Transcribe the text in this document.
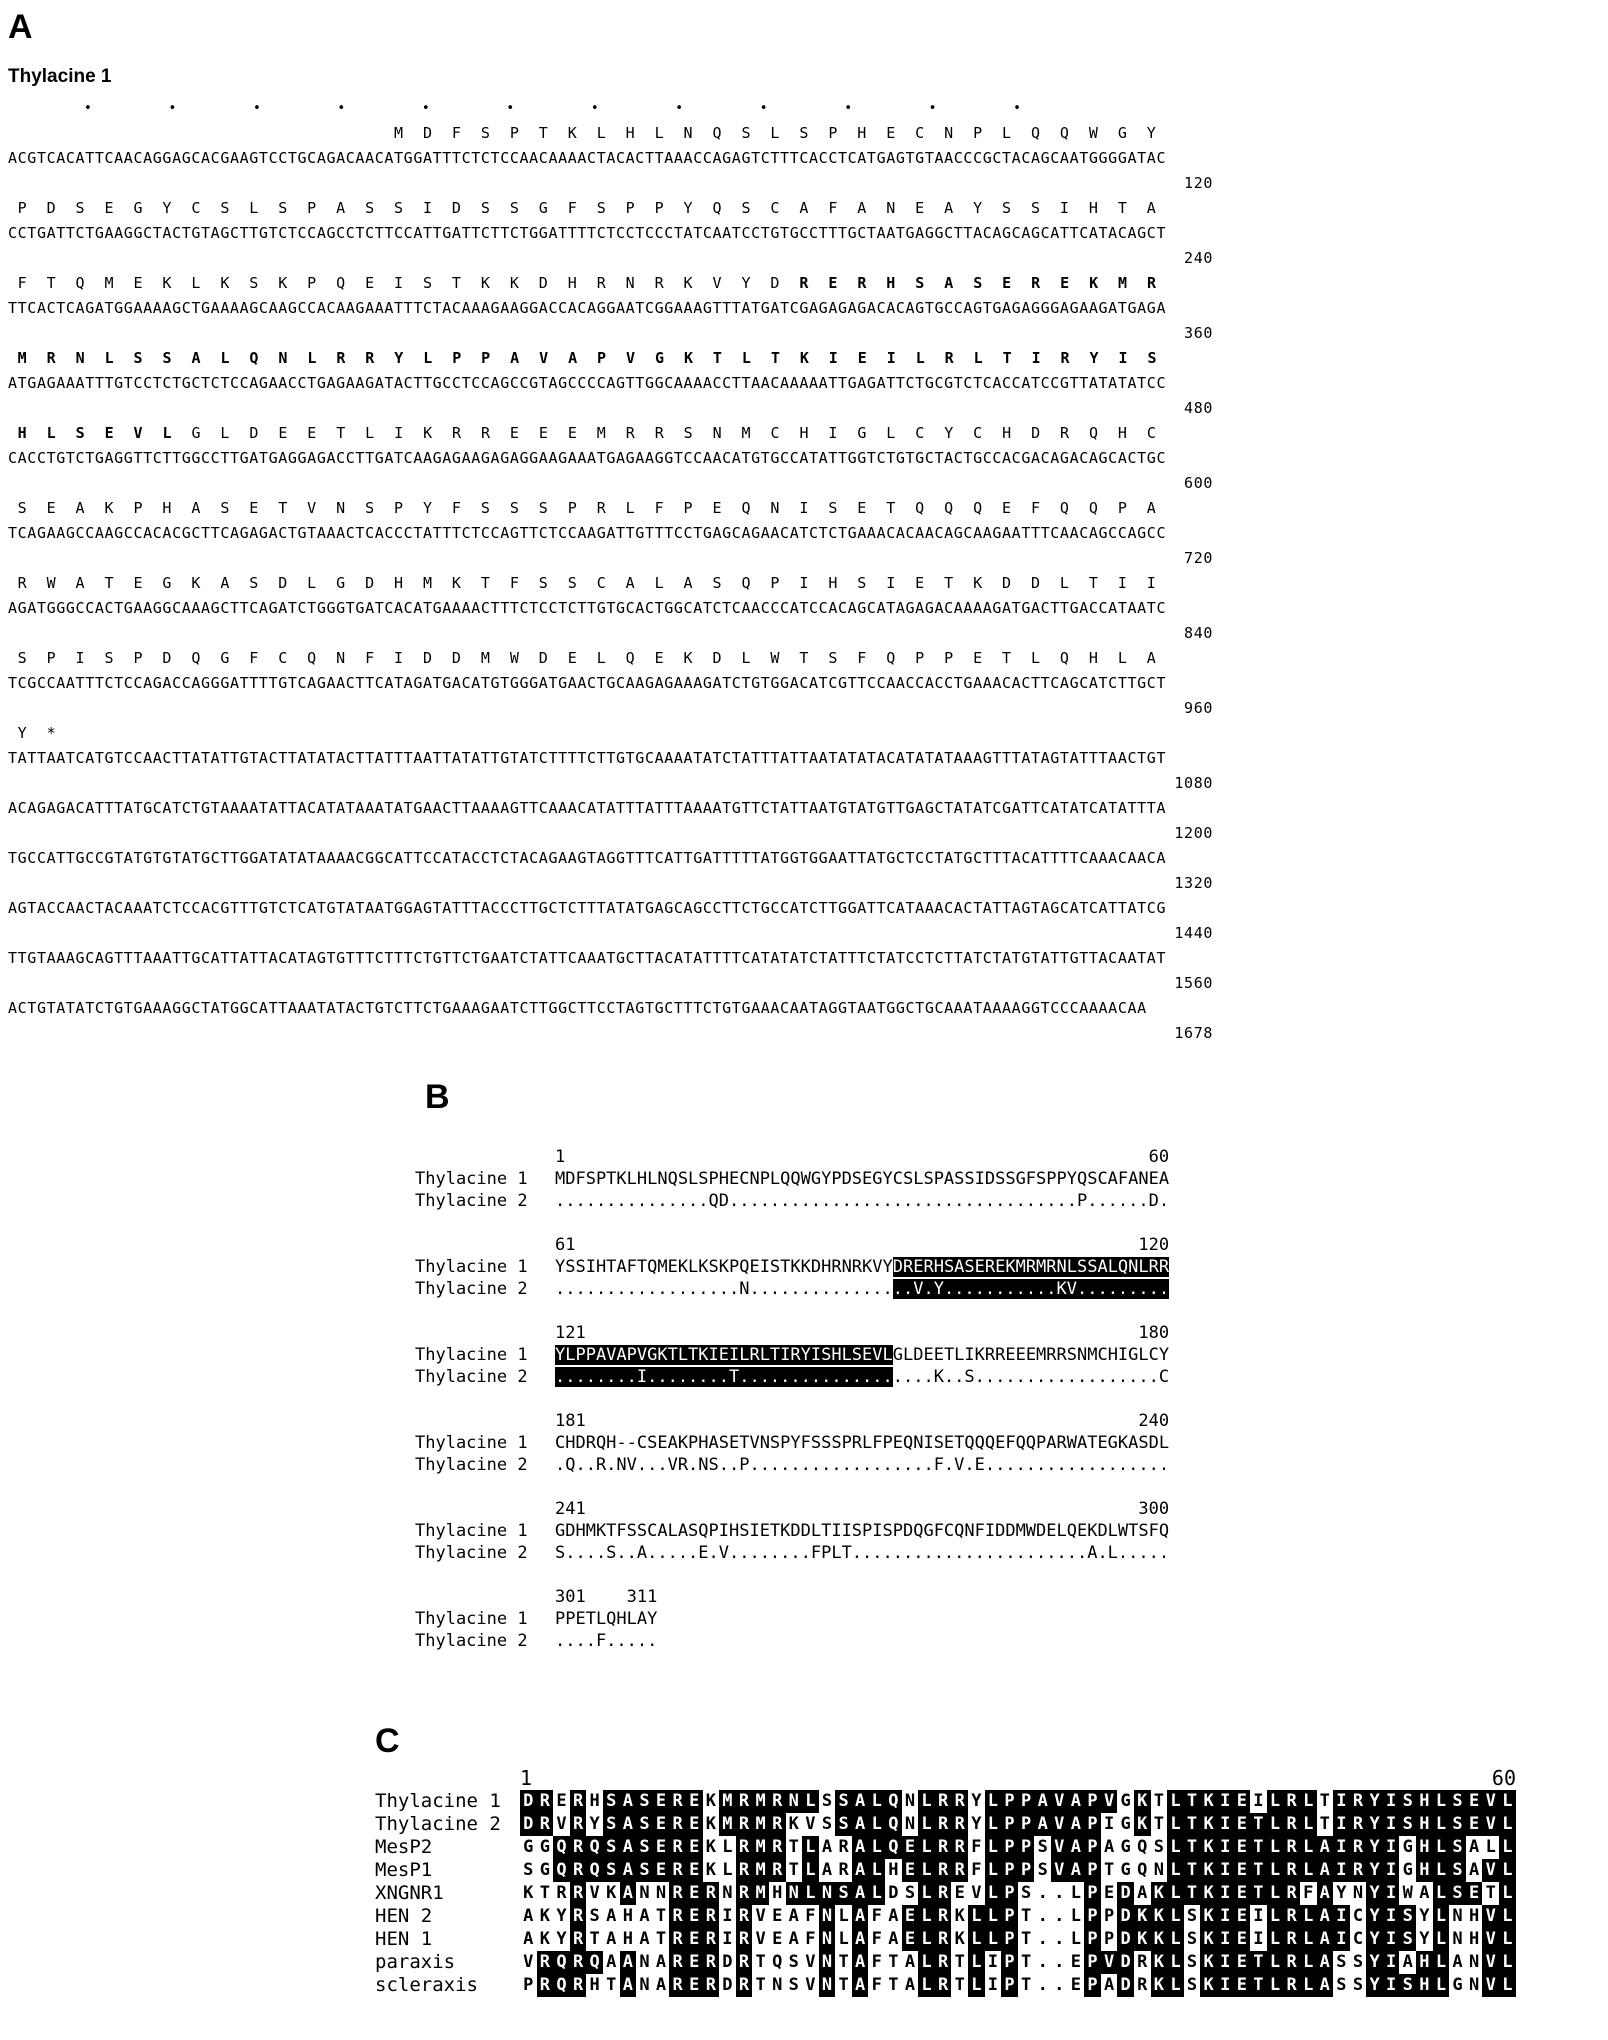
A
Thylacine 1
•         •         •         •         •         •         •         •         •         •         •         •
M  D  F  S  P  T  K  L  H  L  N  Q  S  L  S  P  H  E  C  N  P  L  Q  Q  W  G  Y
ACGTCACATTCAACAGGAGCACGAAGTCCTGCAGACAACATGGATTTCTCTCCAACAAAACTACACTTAAACCAGAGTCTTTCACCTCATGAGTGTAACCCGCTACAGCAATGGGGATAC
120
P  D  S  E  G  Y  C  S  L  S  P  A  S  S  I  D  S  S  G  F  S  P  P  Y  Q  S  C  A  F  A  N  E  A  Y  S  S  I  H  T  A
CCTGATTCTGAAGGCTACTGTAGCTTGTCTCCAGCCTCTTCCATTGATTCTTCTGGATTTTCTCCTCCCTATCAATCCTGTGCCTTTGCTAATGAGGCTTACAGCAGCATTCATACAGCT
240
F  T  Q  M  E  K  L  K  S  K  P  Q  E  I  S  T  K  K  D  H  R  N  R  K  V  Y  D  R E R H S A S E R E K M R
TTCACTCAGATGGAAAAGCTGAAAAGCAAGCCACAAGAAATTTCTACAAAGAAGGACCACAGGAATCGGAAAGTTTATGATCGAGAGAGACACAGTGCCAGTGAGAGGGAGAAGATGAGA
360
M R N L S S A L Q N L R R Y L P P A V A P V G K T L T K I E I L R L T I R Y I S
ATGAGAAATTTGTCCTCTGCTCTCCAGAACCTGAGAAGATACTTGCCTCCAGCCGTAGCCCCAGTTGGCAAAACCTTAACAAAAATTGAGATTCTGCGTCTCACCATCCGTTATATATCC
480
H L S E V L  G  L  D  E  E  T  L  I  K  R  R  E  E  E  M  R  R  S  N  M  C  H  I  G  L  C  Y  C  H  D  R  Q  H  C
CACCTGTCTGAGGTTCTTGGCCTTGATGAGGAGACCTTGATCAAGAGAAGAGAGGAAGAAATGAGAAGGTCCAACATGTGCCATATTGGTCTGTGCTACTGCCACGACAGACAGCACTGC
600
S  E  A  K  P  H  A  S  E  T  V  N  S  P  Y  F  S  S  S  P  R  L  F  P  E  Q  N  I  S  E  T  Q  Q  Q  E  F  Q  Q  P  A
TCAGAAGCCAAGCCACACGCTTCAGAGACTGTAAACTCACCCTATTTCTCCAGTTCTCCAAGATTGTTTCCTGAGCAGAACATCTCTGAAACACAACAGCAAGAATTTCAACAGCCAGCC
720
R  W  A  T  E  G  K  A  S  D  L  G  D  H  M  K  T  F  S  S  C  A  L  A  S  Q  P  I  H  S  I  E  T  K  D  D  L  T  I  I
AGATGGGCCACTGAAGGCAAAGCTTCAGATCTGGGTGATCACATGAAAACTTTCTCCTCTTGTGCACTGGCATCTCAACCCATCCACAGCATAGAGACAAAAGATGACTTGACCATAATC
840
S  P  I  S  P  D  Q  G  F  C  Q  N  F  I  D  D  M  W  D  E  L  Q  E  K  D  L  W  T  S  F  Q  P  P  E  T  L  Q  H  L  A
TCGCCAATTTCTCCAGACCAGGGATTTTGTCAGAACTTCATAGATGACATGTGGGATGAACTGCAAGAGAAAGATCTGTGGACATCGTTCCAACCACCTGAAACACTTCAGCATCTTGCT
960
Y  *
TATTAATCATGTCCAACTTATATTGTACTTATATACTTATTTAATTATATTGTATCTTTTCTTGTGCAAAATATCTATTTATTAATATATACATATATAAAGTTTATAGTATTTAACTGT
1080
ACAGAGACATTTATGCATCTGTAAAATATTACATATAAATATGAACTTAAAAGTTCAAACATATTTATTTAAAATGTTCTATTAATGTATGTTGAGCTATATCGATTCATATCATATTTA
1200
TGCCATTGCCGTATGTGTATGCTTGGATATATAAAACGGCATTCCATACCTCTACAGAAGTAGGTTTCATTGATTTTTATGGTGGAATTATGCTCCTATGCTTTACATTTTCAAACAACA
1320
AGTACCAACTACAAATCTCCACGTTTGTCTCATGTATAATGGAGTATTTACCCTTGCTCTTTATATGAGCAGCCTTCTGCCATCTTGGATTCATAAACACTATTAGTAGCATCATTATCG
1440
TTGTAAAGCAGTTTAAATTGCATTATTACATAGTGTTTCTTTCTGTTCTGAATCTATTCAAATGCTTACATATTTTCATATATCTATTTCTATCCTCTTATCTATGTATTGTTACAATAT
1560
ACTGTATATCTGTGAAAGGCTATGGCATTAAATATACTGTCTTCTGAAAGAATCTTGGCTTCCTAGTGCTTTCTGTGAAACAATAGGTAATGGCTGCAAATAAAAGGTCCCAAAACAA
1678
B
1                                                         60
Thylacine 1	MDFSPTKLHLNQSLSPHECNPLQQWGYPDSEGYCSLSPASSIDSSGFSPPYQSCAFANEA
Thylacine 2	...............QD..................................P......D.
61                                                       120
Thylacine 1	YSSIHTAFTQMEKLKSKPQEISTKKDHRNRKVYDRERHSASEREKMRMRNLSSALQNLRR
Thylacine 2	..................N................V.Y...........KV.........
121                                                      180
Thylacine 1	YLPPAVAPVGKTLTKIEILRLTIRYISHLSEVLGLDEETLIKRREEEMRRSNMCHIGLCY
Thylacine 2	........I........T...................K..S..................C
181                                                      240
Thylacine 1	CHDRQH--CSEAKPHASETVNSPYFSSSPRLFPEQNISETQQQEFQQPARWATEGKASDL
Thylacine 2	.Q..R.NV...VR.NS..P..................F.V.E..................
241                                                      300
Thylacine 1	GDHMKTFSSCALASQPIHSIETKDDLTIISPISPDQGFCQNFIDDMWDELQEKDLWTSFQ
Thylacine 2	S....S..A.....E.V........FPLT.......................A.L.....
301    311
Thylacine 1	PPETLQHLAY
Thylacine 2	....F.....
C
1	60
Thylacine 1	D R E R H S A S E R E K M R M R N L S S A L Q N L R R Y L P P A V A P V G K T L T K I E I L R L T I R Y I S H L S E V L
Thylacine 2	D R V R Y S A S E R E K M R M R K V S S A L Q N L R R Y L P P A V A P I G K T L T K I E T L R L T I R Y I S H L S E V L
MesP2	G G Q R Q S A S E R E K L R M R T L A R A L Q E L R R F L P P S V A P A G Q S L T K I E T L R L A I R Y I G H L S A L L
MesP1	S G Q R Q S A S E R E K L R M R T L A R A L H E L R R F L P P S V A P T G Q N L T K I E T L R L A I R Y I G H L S A V L
XNGNR1	K T R R V K A N N R E R N R M H N L N S A L D S L R E V L P S . . L P E D A K L T K I E T L R F A Y N Y I W A L S E T L
HEN 2	A K Y R S A H A T R E R I R V E A F N L A F A E L R K L L P T . . L P P D K K L S K I E I L R L A I C Y I S Y L N H V L
HEN 1	A K Y R T A H A T R E R I R V E A F N L A F A E L R K L L P T . . L P P D K K L S K I E I L R L A I C Y I S Y L N H V L
paraxis	V R Q R Q A A N A R E R D R T Q S V N T A F T A L R T L I P T . . E P V D R K L S K I E T L R L A S S Y I A H L A N V L
scleraxis	P R Q R H T A N A R E R D R T N S V N T A F T A L R T L I P T . . E P A D R K L S K I E T L R L A S S Y I S H L G N V L
